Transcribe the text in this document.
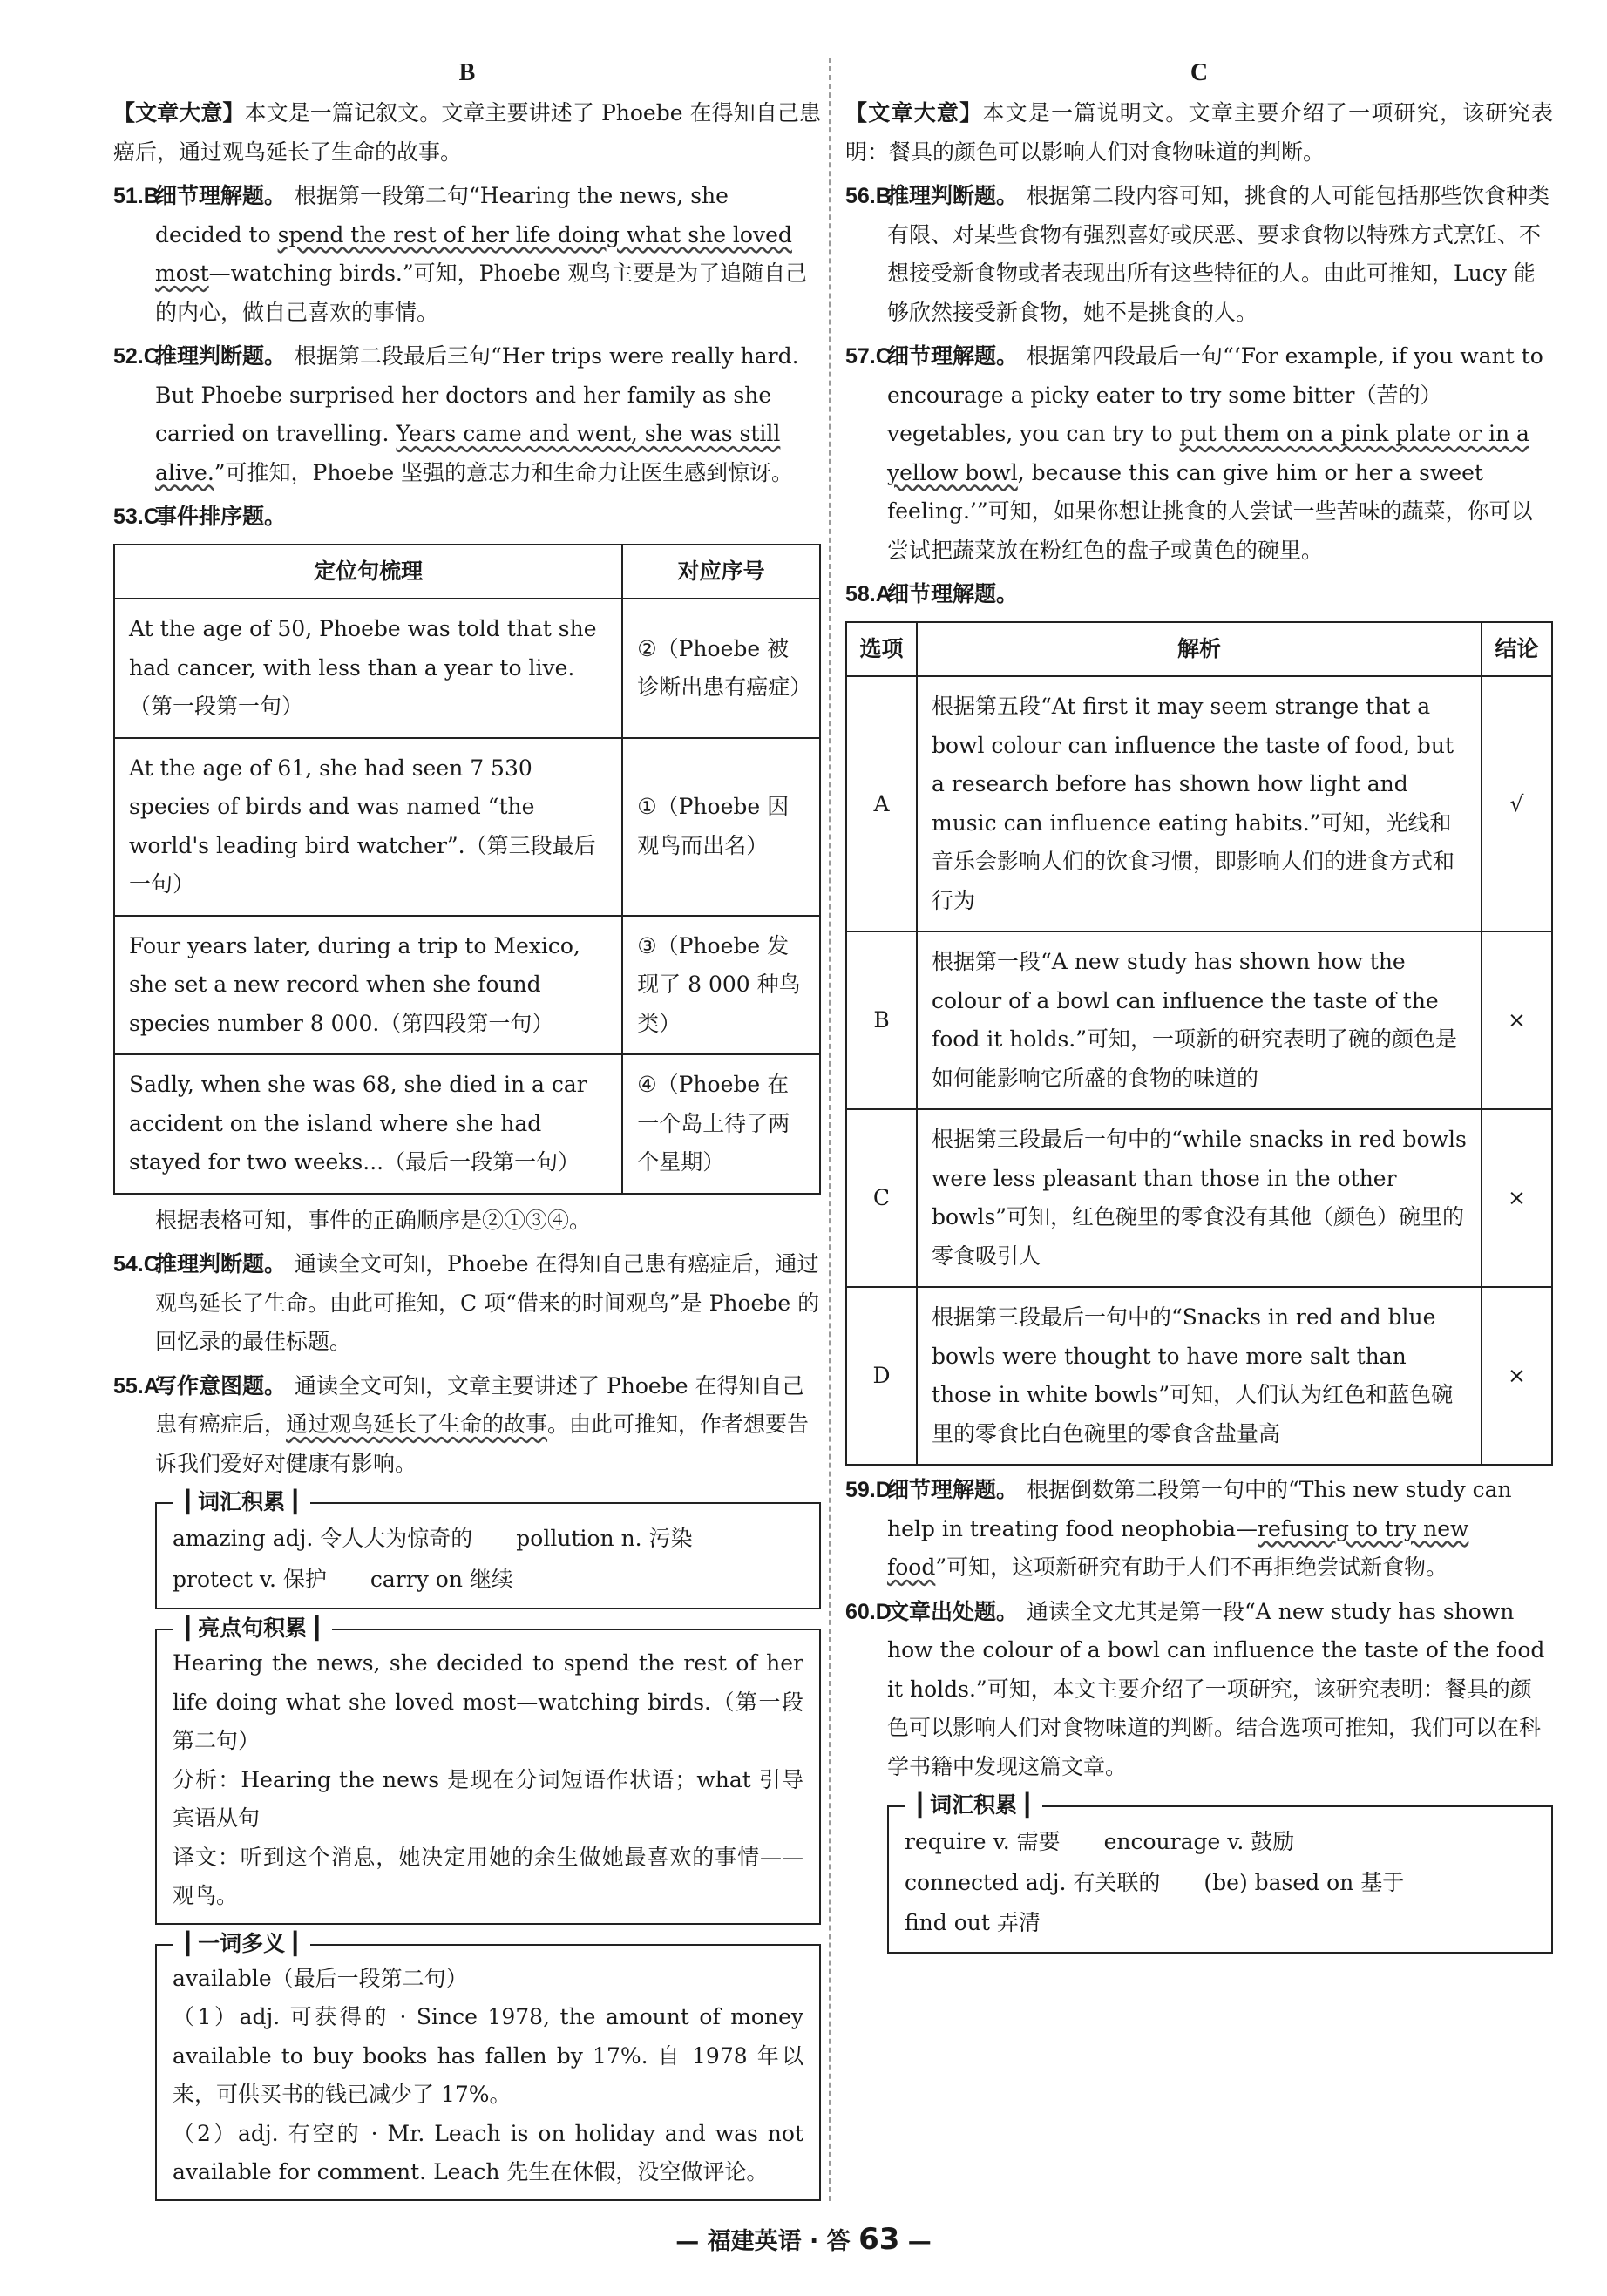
B

【文章大意】本文是一篇记叙文。文章主要讲述了 Phoebe 在得知自己患癌后，通过观鸟延长了生命的故事。

51.B
细节理解题。 根据第一段第二句“Hearing the news, she decided to spend the rest of her life doing what she loved most—watching birds.”可知，Phoebe 观鸟主要是为了追随自己的内心，做自己喜欢的事情。
52.C
推理判断题。 根据第二段最后三句“Her trips were really hard. But Phoebe surprised her doctors and her family as she carried on travelling. Years came and went, she was still alive.”可推知，Phoebe 坚强的意志力和生命力让医生感到惊讶。
53.C
事件排序题。
定位句梳理	对应序号
At the age of 50, Phoebe was told that she had cancer, with less than a year to live.（第一段第一句）	②（Phoebe 被诊断出患有癌症）
At the age of 61, she had seen 7 530 species of birds and was named “the world's leading bird watcher”.（第三段最后一句）	①（Phoebe 因观鸟而出名）
Four years later, during a trip to Mexico, she set a new record when she found species number 8 000.（第四段第一句）	③（Phoebe 发现了 8 000 种鸟类）
Sadly, when she was 68, she died in a car accident on the island where she had stayed for two weeks...（最后一段第一句）	④（Phoebe 在一个岛上待了两个星期）

根据表格可知，事件的正确顺序是②①③④。

54.C
推理判断题。 通读全文可知，Phoebe 在得知自己患有癌症后，通过观鸟延长了生命。由此可推知，C 项“借来的时间观鸟”是 Phoebe 的回忆录的最佳标题。
55.A
写作意图题。 通读全文可知，文章主要讲述了 Phoebe 在得知自己患有癌症后，通过观鸟延长了生命的故事。由此可推知，作者想要告诉我们爱好对健康有影响。
┃ 词汇积累 ┃
amazing adj. 令人大为惊奇的　　pollution n. 污染
protect v. 保护　　carry on 继续
┃ 亮点句积累 ┃

Hearing the news, she decided to spend the rest of her life doing what she loved most—watching birds.（第一段第二句）

分析：Hearing the news 是现在分词短语作状语；what 引导宾语从句

译文：听到这个消息，她决定用她的余生做她最喜欢的事情——观鸟。

┃ 一词多义 ┃

available（最后一段第二句）

（1）adj. 可获得的 · Since 1978, the amount of money available to buy books has fallen by 17%. 自 1978 年以来，可供买书的钱已减少了 17%。

（2）adj. 有空的 · Mr. Leach is on holiday and was not available for comment. Leach 先生在休假，没空做评论。

C

【文章大意】本文是一篇说明文。文章主要介绍了一项研究，该研究表明：餐具的颜色可以影响人们对食物味道的判断。

56.B
推理判断题。 根据第二段内容可知，挑食的人可能包括那些饮食种类有限、对某些食物有强烈喜好或厌恶、要求食物以特殊方式烹饪、不想接受新食物或者表现出所有这些特征的人。由此可推知，Lucy 能够欣然接受新食物，她不是挑食的人。
57.C
细节理解题。 根据第四段最后一句“‘For example, if you want to encourage a picky eater to try some bitter（苦的）vegetables, you can try to put them on a pink plate or in a yellow bowl, because this can give him or her a sweet feeling.’”可知，如果你想让挑食的人尝试一些苦味的蔬菜，你可以尝试把蔬菜放在粉红色的盘子或黄色的碗里。
58.A
细节理解题。
选项	解析	结论
A	根据第五段“At first it may seem strange that a bowl colour can influence the taste of food, but a research before has shown how light and music can influence eating habits.”可知，光线和音乐会影响人们的饮食习惯，即影响人们的进食方式和行为	√
B	根据第一段“A new study has shown how the colour of a bowl can influence the taste of the food it holds.”可知，一项新的研究表明了碗的颜色是如何能影响它所盛的食物的味道的	×
C	根据第三段最后一句中的“while snacks in red bowls were less pleasant than those in the other bowls”可知，红色碗里的零食没有其他（颜色）碗里的零食吸引人	×
D	根据第三段最后一句中的“Snacks in red and blue bowls were thought to have more salt than those in white bowls”可知，人们认为红色和蓝色碗里的零食比白色碗里的零食含盐量高	×
59.D
细节理解题。 根据倒数第二段第一句中的“This new study can help in treating food neophobia—refusing to try new food”可知，这项新研究有助于人们不再拒绝尝试新食物。
60.D
文章出处题。 通读全文尤其是第一段“A new study has shown how the colour of a bowl can influence the taste of the food it holds.”可知，本文主要介绍了一项研究，该研究表明：餐具的颜色可以影响人们对食物味道的判断。结合选项可推知，我们可以在科学书籍中发现这篇文章。
┃ 词汇积累 ┃
require v. 需要　　encourage v. 鼓励
connected adj. 有关联的　　(be) based on 基于
find out 弄清
— 福建英语 · 答 63 —
